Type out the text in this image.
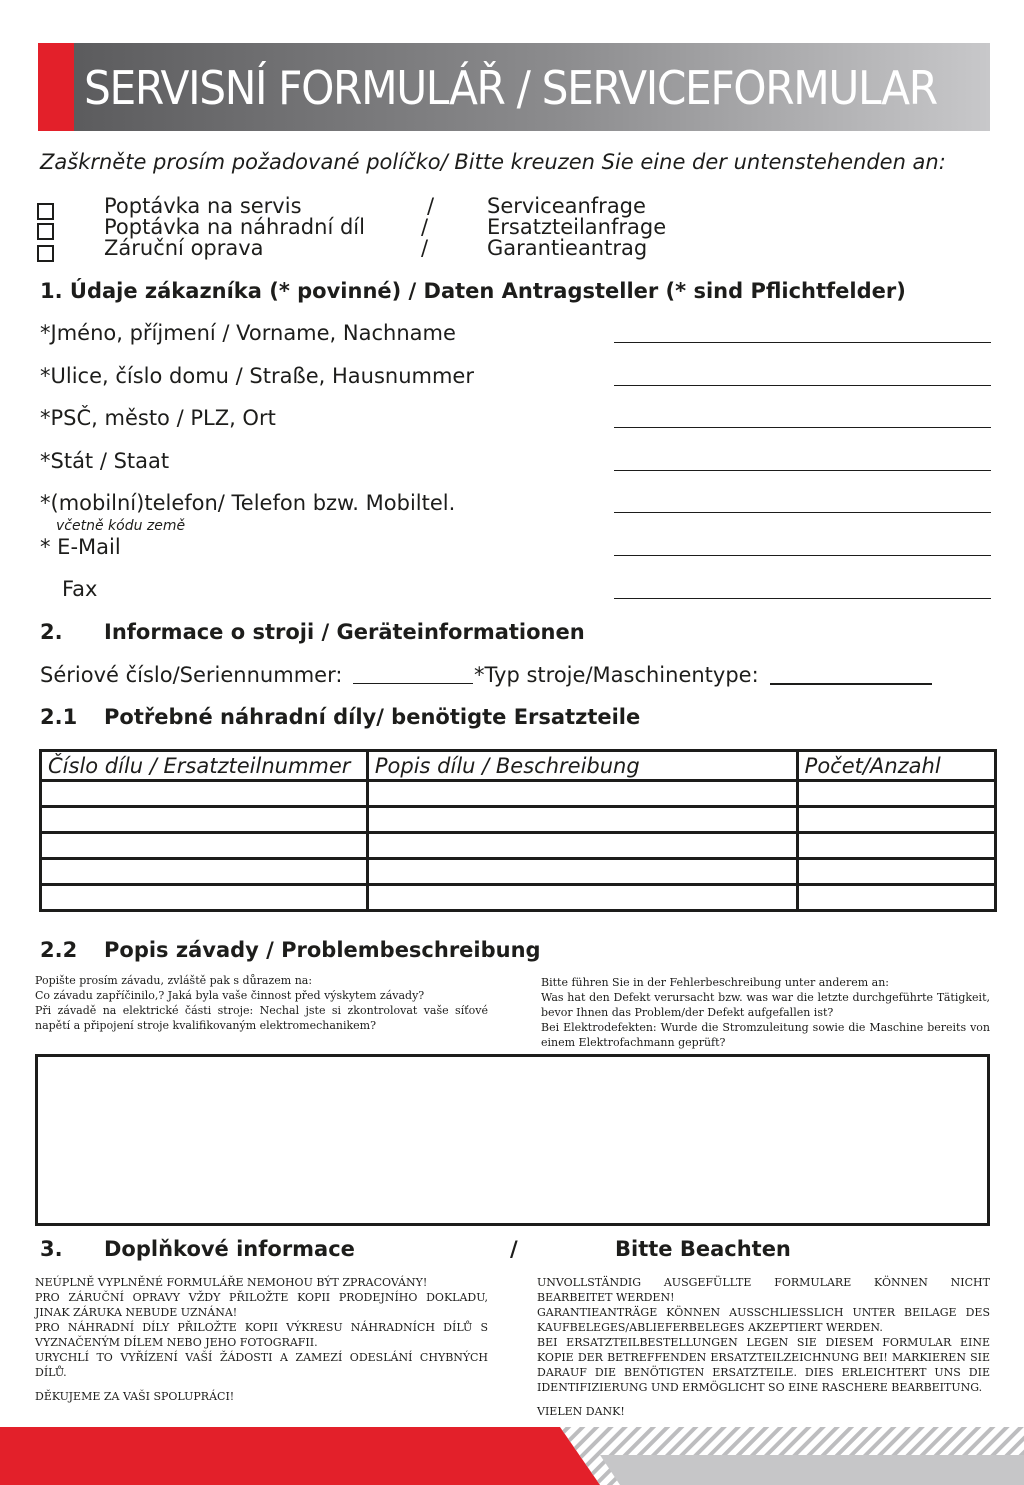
SERVISNÍ FORMULÁŘ / SERVICEFORMULAR
Zaškrněte prosím požadované políčko/ Bitte kreuzen Sie eine der untenstehenden an:
Poptávka na servis	/	Serviceanfrage
Poptávka na náhradní díl	/	Ersatzteilanfrage
Záruční oprava	/	Garantieantrag
1. Údaje zákazníka (* povinné) / Daten Antragsteller (* sind Pflichtfelder)
*Jméno, příjmení / Vorname, Nachname
*Ulice, číslo domu / Straße, Hausnummer
*PSČ, město / PLZ, Ort
*Stát / Staat
*(mobilní)telefon/ Telefon bzw. Mobiltel.
včetně kódu země
* E-Mail
Fax
2. Informace o stroji / Geräteinformationen
Sériové číslo/Seriennummer:	*Typ stroje/Maschinentype:
2.1 Potřebné náhradní díly/ benötigte Ersatzteile
Číslo dílu / Ersatzteilnummer	Popis dílu / Beschreibung	Počet/Anzahl

2.2 Popis závady / Problembeschreibung
Popište prosím závadu, zvláště pak s důrazem na:
Co závadu zapříčinilo,? Jaká byla vaše činnost před výskytem závady?
Při závadě na elektrické části stroje: Nechal jste si zkontrolovat vaše síťové napětí a připojení stroje kvalifikovaným elektromechanikem?
Bitte führen Sie in der Fehlerbeschreibung unter anderem an:
Was hat den Defekt verursacht bzw. was war die letzte durchgeführte Tätigkeit, bevor Ihnen das Problem/der Defekt aufgefallen ist?
Bei Elektrodefekten: Wurde die Stromzuleitung sowie die Maschine bereits von einem Elektrofachmann geprüft?
3. Doplňkové informace	/	Bitte Beachten
NEÚPLNĚ VYPLNĚNÉ FORMULÁŘE NEMOHOU BÝT ZPRACOVÁNY!
PRO ZÁRUČNÍ OPRAVY VŽDY PŘILOŽTE KOPII PRODEJNÍHO DOKLADU, JINAK ZÁRUKA NEBUDE UZNÁNA!
PRO NÁHRADNÍ DÍLY PŘILOŽTE KOPII VÝKRESU NÁHRADNÍCH DÍLŮ S VYZNAČENÝM DÍLEM NEBO JEHO FOTOGRAFII.
URYCHLÍ TO VYŘÍZENÍ VAŠÍ ŽÁDOSTI A ZAMEZÍ ODESLÁNÍ CHYBNÝCH DÍLŮ.
DĚKUJEME ZA VAŠI SPOLUPRÁCI!
UNVOLLSTÄNDIG AUSGEFÜLLTE FORMULARE KÖNNEN NICHT BEARBEITET WERDEN!
GARANTIEANTRÄGE KÖNNEN AUSSCHLIESSLICH UNTER BEILAGE DES KAUFBELEGES/ABLIEFERBELEGES AKZEPTIERT WERDEN.
BEI ERSATZTEILBESTELLUNGEN LEGEN SIE DIESEM FORMULAR EINE KOPIE DER BETREFFENDEN ERSATZTEILZEICHNUNG BEI! MARKIEREN SIE DARAUF DIE BENÖTIGTEN ERSATZTEILE. DIES ERLEICHTERT UNS DIE IDENTIFIZIERUNG UND ERMÖGLICHT SO EINE RASCHERE BEARBEITUNG.
VIELEN DANK!
